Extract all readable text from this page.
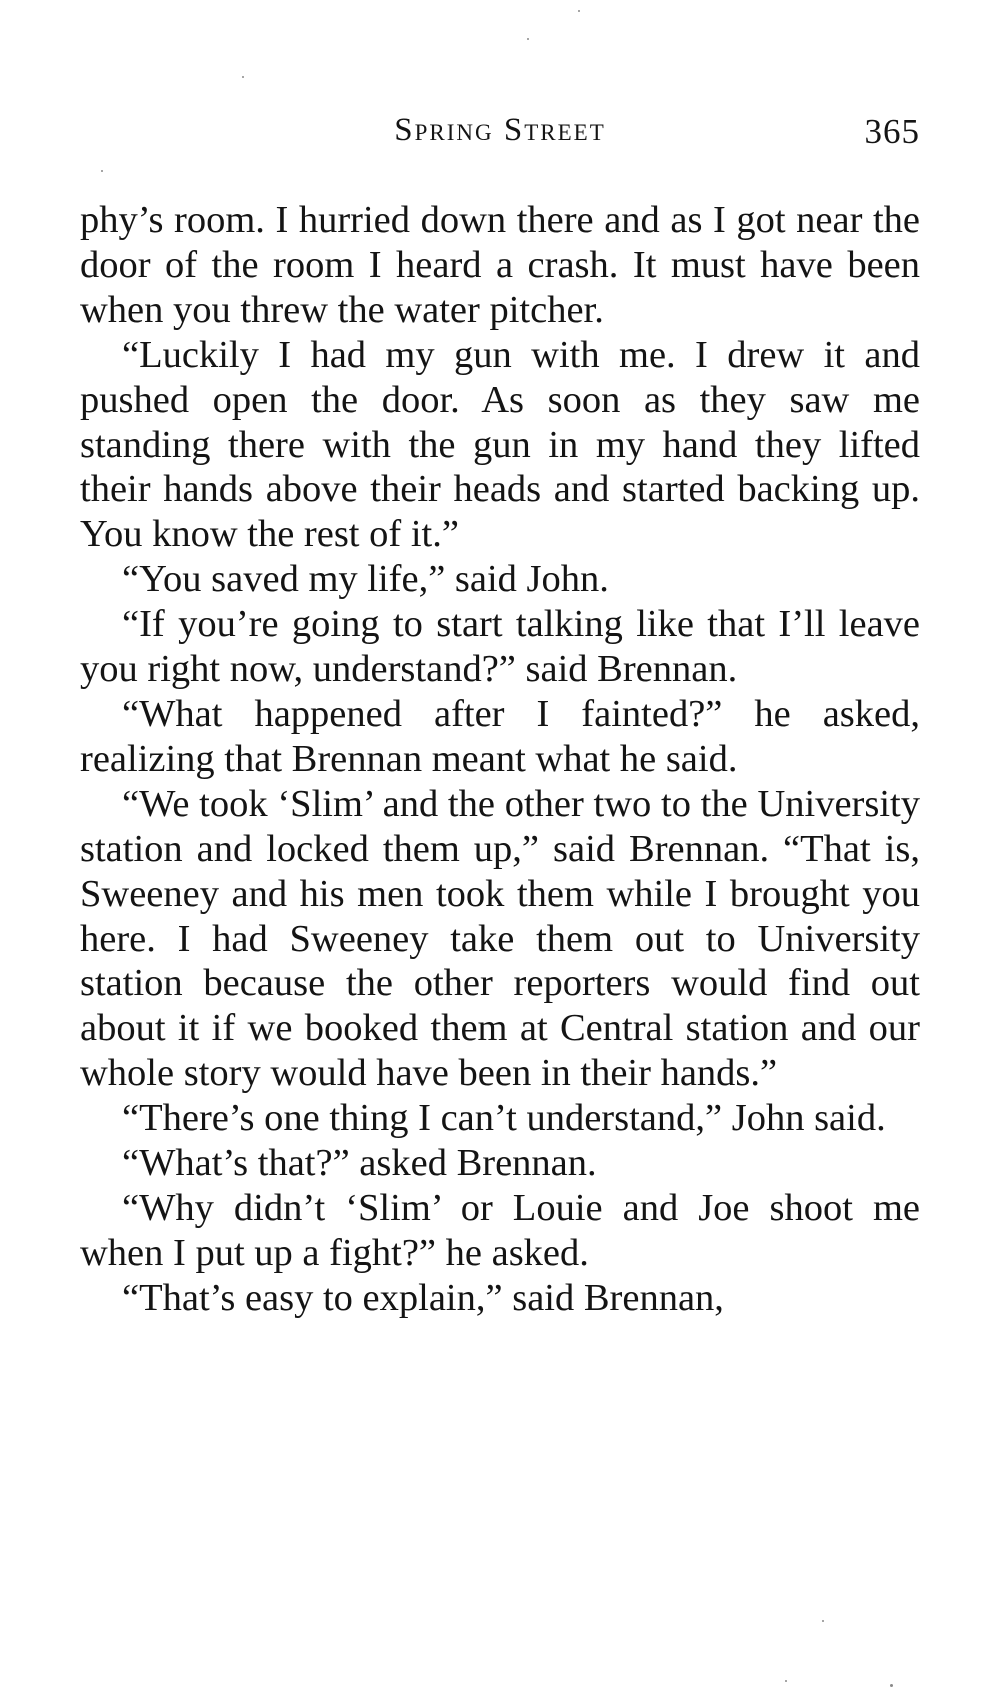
Spring Street	365

phy’s room. I hurried down there and as I got near the door of the room I heard a crash. It must have been when you threw the water pitcher.

“Luckily I had my gun with me. I drew it and pushed open the door. As soon as they saw me standing there with the gun in my hand they lifted their hands above their heads and started backing up. You know the rest of it.”

“You saved my life,” said John.

“If you’re going to start talking like that I’ll leave you right now, understand?” said Brennan.

“What happened after I fainted?” he asked, realizing that Brennan meant what he said.

“We took ‘Slim’ and the other two to the University station and locked them up,” said Brennan. “That is, Sweeney and his men took them while I brought you here. I had Sweeney take them out to University station because the other reporters would find out about it if we booked them at Central station and our whole story would have been in their hands.”

“There’s one thing I can’t understand,” John said.

“What’s that?” asked Brennan.

“Why didn’t ‘Slim’ or Louie and Joe shoot me when I put up a fight?” he asked.

“That’s easy to explain,” said Brennan,
